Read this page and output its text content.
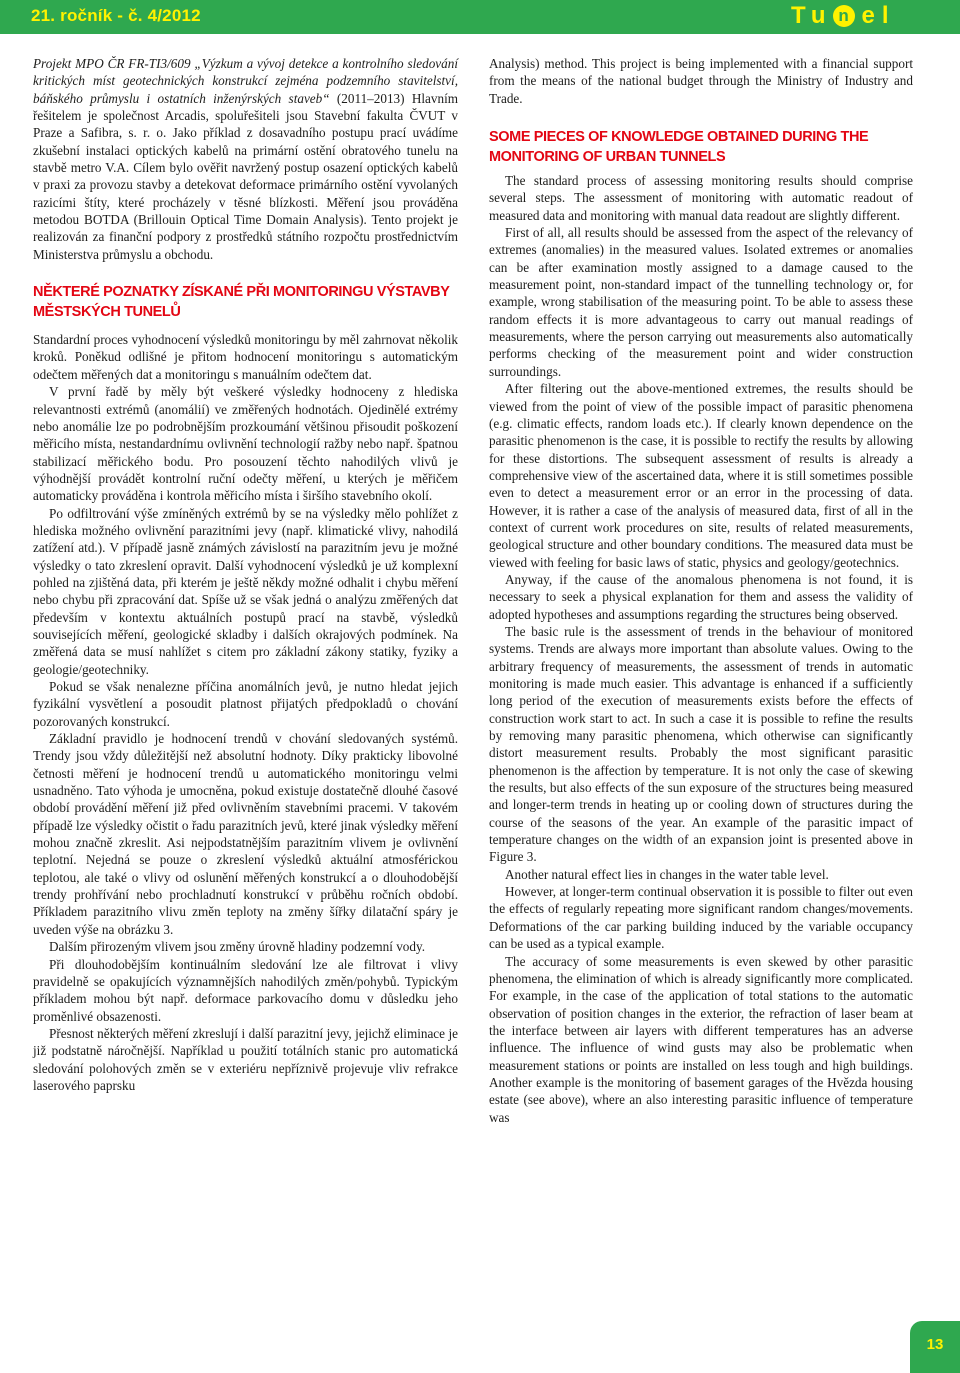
21. ročník - č. 4/2012	Tu n el

Projekt MPO ČR FR-TI3/609 „Výzkum a vývoj detekce a kontrolního sledování kritických míst geotechnických konstrukcí zejména podzemního stavitelství, báňského průmyslu i ostatních inženýrských staveb“ (2011–2013) Hlavním řešitelem je společnost Arcadis, spoluřešiteli jsou Stavební fakulta ČVUT v Praze a Safibra, s. r. o. Jako příklad z dosavadního postupu prací uvádíme zkušební instalaci optických kabelů na primární ostění obratového tunelu na stavbě metro V.A. Cílem bylo ověřit navržený postup osazení optických kabelů v praxi za provozu stavby a detekovat deformace primárního ostění vyvolaných razicími štíty, které procházely v těsné blízkosti. Měření jsou prováděna metodou BOTDA (Brillouin Optical Time Domain Analysis). Tento projekt je realizován za finanční podpory z prostředků státního rozpočtu prostřednictvím Ministerstva průmyslu a obchodu.

NĚKTERÉ POZNATKY ZÍSKANÉ PŘI MONITORINGU VÝSTAVBY MĚSTSKÝCH TUNELŮ

Standardní proces vyhodnocení výsledků monitoringu by měl zahrnovat několik kroků. Poněkud odlišné je přitom hodnocení monitoringu s automatickým odečtem měřených dat a monitoringu s manuálním odečtem dat.

V první řadě by měly být veškeré výsledky hodnoceny z hlediska relevantnosti extrémů (anomálií) ve změřených hodnotách. Ojedinělé extrémy nebo anomálie lze po podrobnějším prozkoumání většinou přisoudit poškození měřicího místa, nestandardnímu ovlivnění technologií ražby nebo např. špatnou stabilizací měřického bodu. Pro posouzení těchto nahodilých vlivů je výhodnější provádět kontrolní ruční odečty měření, u kterých je měřičem automaticky prováděna i kontrola měřicího místa i širšího stavebního okolí.

Po odfiltrování výše zmíněných extrémů by se na výsledky mělo pohlížet z hlediska možného ovlivnění parazitními jevy (např. klimatické vlivy, nahodilá zatížení atd.). V případě jasně známých závislostí na parazitním jevu je možné výsledky o tato zkreslení opravit. Další vyhodnocení výsledků je už komplexní pohled na zjištěná data, při kterém je ještě někdy možné odhalit i chybu měření nebo chybu při zpracování dat. Spíše už se však jedná o analýzu změřených dat především v kontextu aktuálních postupů prací na stavbě, výsledků souvisejících měření, geologické skladby i dalších okrajových podmínek. Na změřená data se musí nahlížet s citem pro základní zákony statiky, fyziky a geologie/geotechniky.

Pokud se však nenalezne příčina anomálních jevů, je nutno hledat jejich fyzikální vysvětlení a posoudit platnost přijatých předpokladů o chování pozorovaných konstrukcí.

Základní pravidlo je hodnocení trendů v chování sledovaných systémů. Trendy jsou vždy důležitější než absolutní hodnoty. Díky prakticky libovolné četnosti měření je hodnocení trendů u automatického monitoringu velmi usnadněno. Tato výhoda je umocněna, pokud existuje dostatečně dlouhé časové období provádění měření již před ovlivněním stavebními pracemi. V takovém případě lze výsledky očistit o řadu parazitních jevů, které jinak výsledky měření mohou značně zkreslit. Asi nejpodstatnějším parazitním vlivem je ovlivnění teplotní. Nejedná se pouze o zkreslení výsledků aktuální atmosférickou teplotou, ale také o vlivy od oslunění měřených konstrukcí a o dlouhodobější trendy prohřívání nebo prochladnutí konstrukcí v průběhu ročních období. Příkladem parazitního vlivu změn teploty na změny šířky dilatační spáry je uveden výše na obrázku 3.

Dalším přirozeným vlivem jsou změny úrovně hladiny podzemní vody.

Při dlouhodobějším kontinuálním sledování lze ale filtrovat i vlivy pravidelně se opakujících významnějších nahodilých změn/pohybů. Typickým příkladem mohou být např. deformace parkovacího domu v důsledku jeho proměnlivé obsazenosti.

Přesnost některých měření zkreslují i další parazitní jevy, jejichž eliminace je již podstatně náročnější. Například u použití totálních stanic pro automatická sledování polohových změn se v exteriéru nepříznivě projevuje vliv refrakce laserového paprsku

Analysis) method. This project is being implemented with a financial support from the means of the national budget through the Ministry of Industry and Trade.

SOME PIECES OF KNOWLEDGE OBTAINED DURING THE MONITORING OF URBAN TUNNELS

The standard process of assessing monitoring results should comprise several steps. The assessment of monitoring with automatic readout of measured data and monitoring with manual data readout are slightly different.

First of all, all results should be assessed from the aspect of the relevancy of extremes (anomalies) in the measured values. Isolated extremes or anomalies can be after examination mostly assigned to a damage caused to the measurement point, non-standard impact of the tunnelling technology or, for example, wrong stabilisation of the measuring point. To be able to assess these random effects it is more advantageous to carry out manual readings of measurements, where the person carrying out measurements also automatically performs checking of the measurement point and wider construction surroundings.

After filtering out the above-mentioned extremes, the results should be viewed from the point of view of the possible impact of parasitic phenomena (e.g. climatic effects, random loads etc.). If clearly known dependence on the parasitic phenomenon is the case, it is possible to rectify the results by allowing for these distortions. The subsequent assessment of results is already a comprehensive view of the ascertained data, where it is still sometimes possible even to detect a measurement error or an error in the processing of data. However, it is rather a case of the analysis of measured data, first of all in the context of current work procedures on site, results of related measurements, geological structure and other boundary conditions. The measured data must be viewed with feeling for basic laws of static, physics and geology/geotechnics.

Anyway, if the cause of the anomalous phenomena is not found, it is necessary to seek a physical explanation for them and assess the validity of adopted hypotheses and assumptions regarding the structures being observed.

The basic rule is the assessment of trends in the behaviour of monitored systems. Trends are always more important than absolute values. Owing to the arbitrary frequency of measurements, the assessment of trends in automatic monitoring is made much easier. This advantage is enhanced if a sufficiently long period of the execution of measurements exists before the effects of construction work start to act. In such a case it is possible to refine the results by removing many parasitic phenomena, which otherwise can significantly distort measurement results. Probably the most significant parasitic phenomenon is the affection by temperature. It is not only the case of skewing the results, but also effects of the sun exposure of the structures being measured and longer-term trends in heating up or cooling down of structures during the course of the seasons of the year. An example of the parasitic impact of temperature changes on the width of an expansion joint is presented above in Figure 3.

Another natural effect lies in changes in the water table level.

However, at longer-term continual observation it is possible to filter out even the effects of regularly repeating more significant random changes/movements. Deformations of the car parking building induced by the variable occupancy can be used as a typical example.

The accuracy of some measurements is even skewed by other parasitic phenomena, the elimination of which is already significantly more complicated. For example, in the case of the application of total stations to the automatic observation of position changes in the exterior, the refraction of laser beam at the interface between air layers with different temperatures has an adverse influence. The influence of wind gusts may also be problematic when measurement stations or points are installed on less tough and high buildings. Another example is the monitoring of basement garages of the Hvězda housing estate (see above), where an also interesting parasitic influence of temperature was

13
